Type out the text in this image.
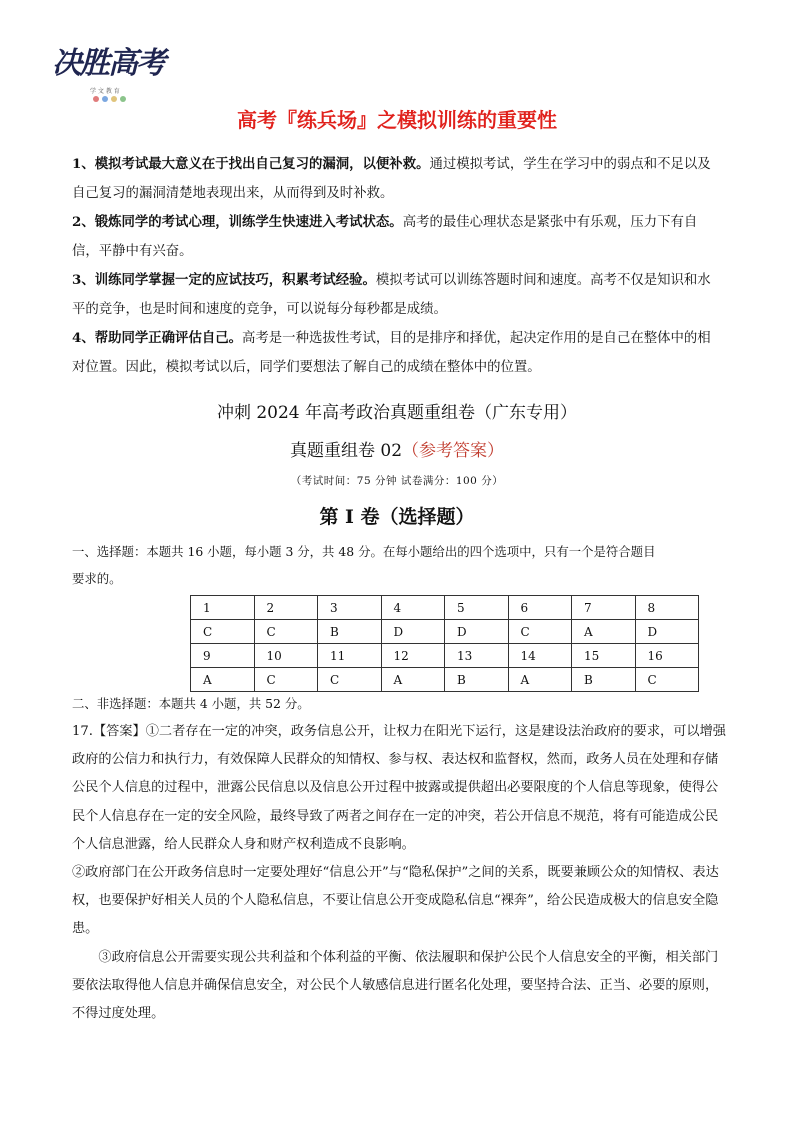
决胜高考
学 文 教 育
高考『练兵场』之模拟训练的重要性

1、模拟考试最大意义在于找出自己复习的漏洞，以便补救。通过模拟考试，学生在学习中的弱点和不足以及自己复习的漏洞清楚地表现出来，从而得到及时补救。

2、锻炼同学的考试心理，训练学生快速进入考试状态。高考的最佳心理状态是紧张中有乐观，压力下有自信，平静中有兴奋。

3、训练同学掌握一定的应试技巧，积累考试经验。模拟考试可以训练答题时间和速度。高考不仅是知识和水平的竞争，也是时间和速度的竞争，可以说每分每秒都是成绩。

4、帮助同学正确评估自己。高考是一种选拔性考试，目的是排序和择优，起决定作用的是自己在整体中的相对位置。因此，模拟考试以后，同学们要想法了解自己的成绩在整体中的位置。

冲刺 2024 年高考政治真题重组卷（广东专用）
真题重组卷 02（参考答案）
（考试时间：75 分钟 试卷满分：100 分）
第 I 卷（选择题）

一、选择题：本题共 16 小题，每小题 3 分，共 48 分。在每小题给出的四个选项中，只有一个是符合题目

要求的。

1	2	3	4	5	6	7	8
C	C	B	D	D	C	A	D
9	10	11	12	13	14	15	16
A	C	C	A	B	A	B	C

二、非选择题：本题共 4 小题，共 52 分。

17.【答案】①二者存在一定的冲突，政务信息公开，让权力在阳光下运行，这是建设法治政府的要求，可以增强政府的公信力和执行力，有效保障人民群众的知情权、参与权、表达权和监督权，然而，政务人员在处理和存储公民个人信息的过程中，泄露公民信息以及信息公开过程中披露或提供超出必要限度的个人信息等现象，使得公民个人信息存在一定的安全风险，最终导致了两者之间存在一定的冲突，若公开信息不规范，将有可能造成公民个人信息泄露，给人民群众人身和财产权利造成不良影响。

②政府部门在公开政务信息时一定要处理好“信息公开”与“隐私保护”之间的关系，既要兼顾公众的知情权、表达权，也要保护好相关人员的个人隐私信息，不要让信息公开变成隐私信息“裸奔”，给公民造成极大的信息安全隐患。

③政府信息公开需要实现公共利益和个体利益的平衡、依法履职和保护公民个人信息安全的平衡，相关部门要依法取得他人信息并确保信息安全，对公民个人敏感信息进行匿名化处理，要坚持合法、正当、必要的原则，不得过度处理。
